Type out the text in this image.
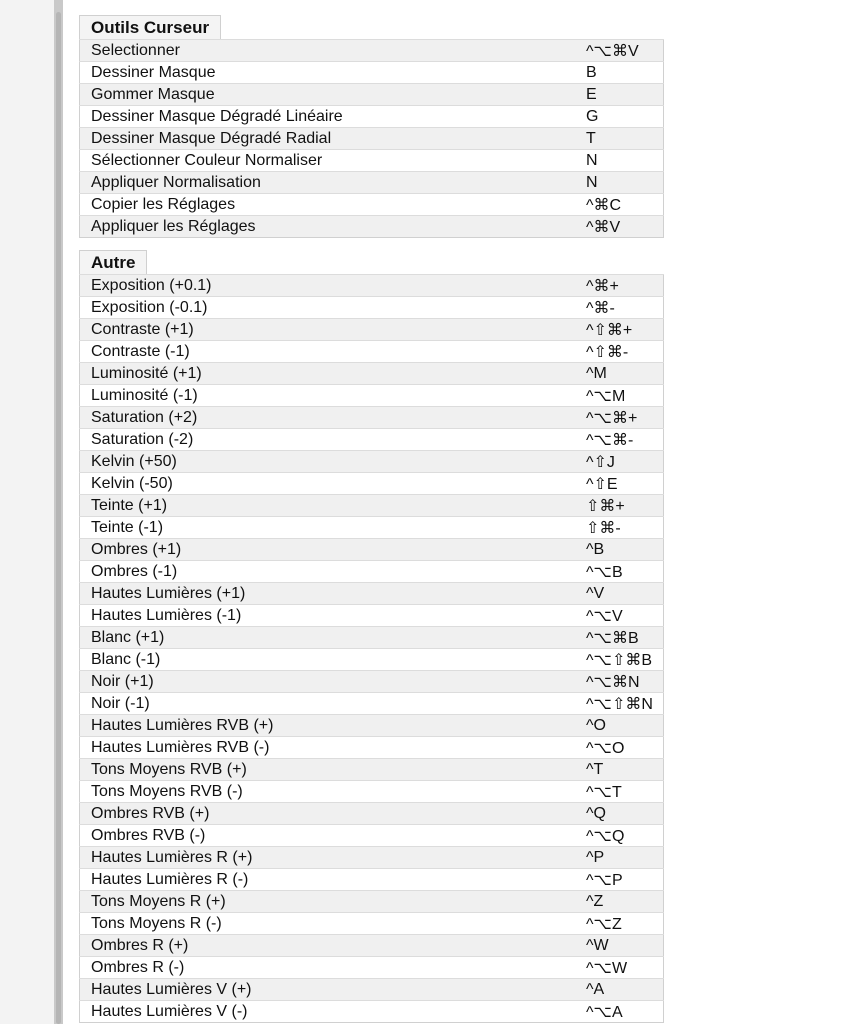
Outils Curseur
Selectionner	^⌥⌘V
Dessiner Masque	B
Gommer Masque	E
Dessiner Masque Dégradé Linéaire	G
Dessiner Masque Dégradé Radial	T
Sélectionner Couleur Normaliser	N
Appliquer Normalisation	N
Copier les Réglages	^⌘C
Appliquer les Réglages	^⌘V
Autre
Exposition (+0.1)	^⌘+
Exposition (-0.1)	^⌘-
Contraste (+1)	^⇧⌘+
Contraste (-1)	^⇧⌘-
Luminosité (+1)	^M
Luminosité (-1)	^⌥M
Saturation (+2)	^⌥⌘+
Saturation (-2)	^⌥⌘-
Kelvin (+50)	^⇧J
Kelvin (-50)	^⇧E
Teinte (+1)	⇧⌘+
Teinte (-1)	⇧⌘-
Ombres (+1)	^B
Ombres (-1)	^⌥B
Hautes Lumières (+1)	^V
Hautes Lumières (-1)	^⌥V
Blanc (+1)	^⌥⌘B
Blanc (-1)	^⌥⇧⌘B
Noir (+1)	^⌥⌘N
Noir (-1)	^⌥⇧⌘N
Hautes Lumières RVB (+)	^O
Hautes Lumières RVB (-)	^⌥O
Tons Moyens RVB (+)	^T
Tons Moyens RVB (-)	^⌥T
Ombres RVB (+)	^Q
Ombres RVB (-)	^⌥Q
Hautes Lumières R (+)	^P
Hautes Lumières R (-)	^⌥P
Tons Moyens R (+)	^Z
Tons Moyens R (-)	^⌥Z
Ombres R (+)	^W
Ombres R (-)	^⌥W
Hautes Lumières V (+)	^A
Hautes Lumières V (-)	^⌥A
